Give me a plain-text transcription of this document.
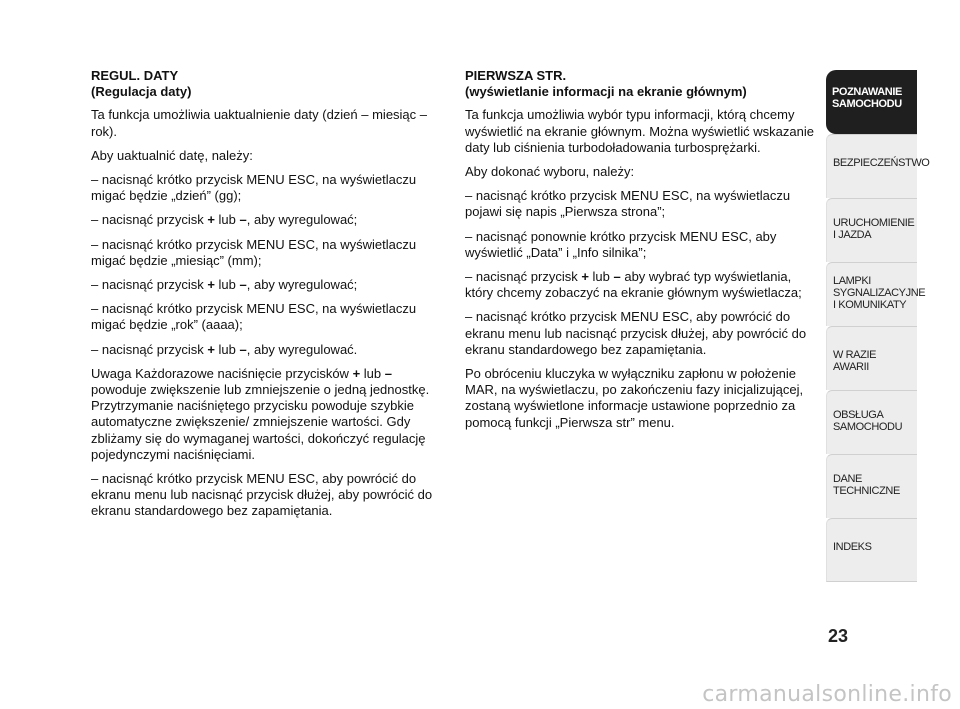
REGUL. DATY
(Regulacja daty)

Ta funkcja umożliwia uaktualnienie daty (dzień – miesiąc – rok).

Aby uaktualnić datę, należy:

– nacisnąć krótko przycisk MENU ESC, na wyświetlaczu migać będzie „dzień” (gg);

– nacisnąć przycisk + lub –, aby wyregulować;

– nacisnąć krótko przycisk MENU ESC, na wyświetlaczu migać będzie „miesiąc” (mm);

– nacisnąć przycisk + lub –, aby wyregulować;

– nacisnąć krótko przycisk MENU ESC, na wyświetlaczu migać będzie „rok” (aaaa);

– nacisnąć przycisk + lub –, aby wyregulować.

Uwaga Każdorazowe naciśnięcie przycisków + lub – powoduje zwiększenie lub zmniejszenie o jedną jednostkę. Przytrzymanie naciśniętego przycisku powoduje szybkie automatyczne zwiększenie/ zmniejszenie wartości. Gdy zbliżamy się do wymaganej wartości, dokończyć regulację pojedynczymi naciśnięciami.

– nacisnąć krótko przycisk MENU ESC, aby powrócić do ekranu menu lub nacisnąć przycisk dłużej, aby powrócić do ekranu standardowego bez zapamiętania.

PIERWSZA STR.
(wyświetlanie informacji na ekranie głównym)

Ta funkcja umożliwia wybór typu informacji, którą chcemy wyświetlić na ekranie głównym. Można wyświetlić wskazanie daty lub ciśnienia turbodoładowania turbosprężarki.

Aby dokonać wyboru, należy:

– nacisnąć krótko przycisk MENU ESC, na wyświetlaczu pojawi się napis „Pierwsza strona”;

– nacisnąć ponownie krótko przycisk MENU ESC, aby wyświetlić „Data” i „Info silnika”;

– nacisnąć przycisk + lub – aby wybrać typ wyświetlania, który chcemy zobaczyć na ekranie głównym wyświetlacza;

– nacisnąć krótko przycisk MENU ESC, aby powrócić do ekranu menu lub nacisnąć przycisk dłużej, aby powrócić do ekranu standardowego bez zapamiętania.

Po obróceniu kluczyka w wyłączniku zapłonu w położenie MAR, na wyświetlaczu, po zakończeniu fazy inicjalizującej, zostaną wyświetlone informacje ustawione poprzednio za pomocą funkcji „Pierwsza str” menu.

POZNAWANIE
SAMOCHODU
BEZPIECZEŃSTWO
URUCHOMIENIE
I JAZDA
LAMPKI
SYGNALIZACYJNE
I KOMUNIKATY
W RAZIE AWARII
OBSŁUGA
SAMOCHODU
DANE
TECHNICZNE
INDEKS
23
carmanualsonline.info
